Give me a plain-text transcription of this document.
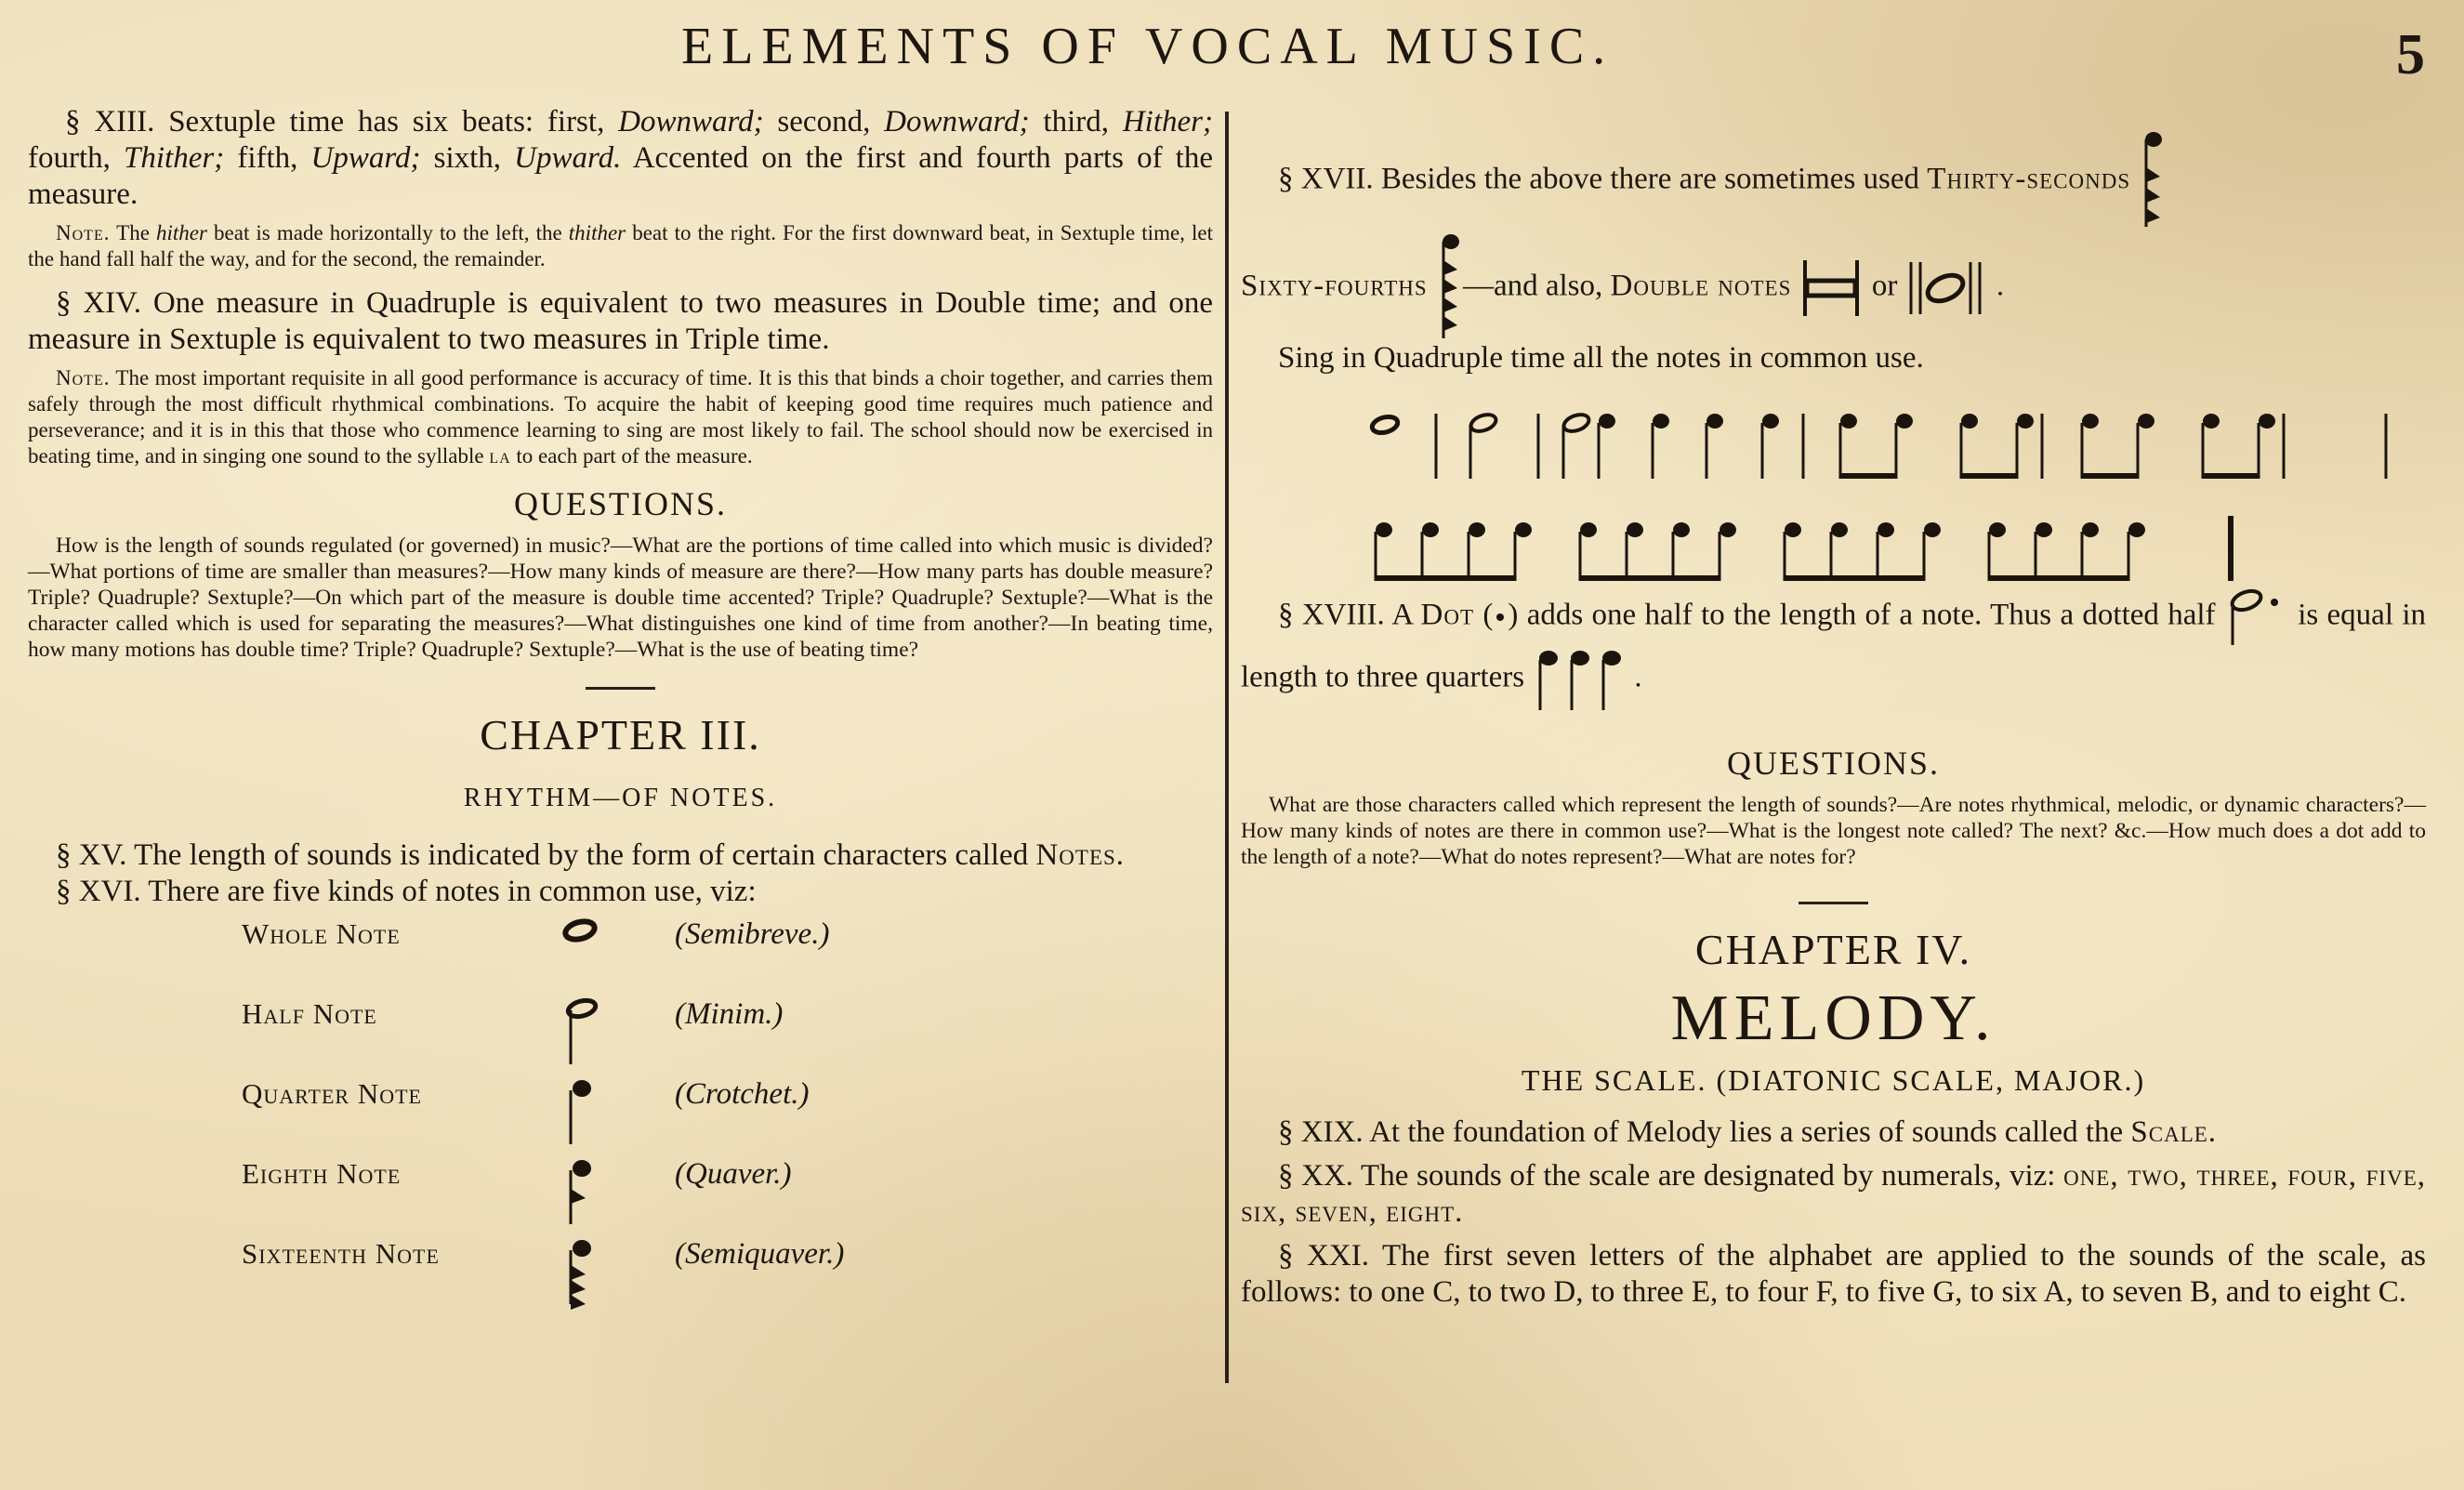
ELEMENTS OF VOCAL MUSIC.	5

§ XIII. Sextuple time has six beats: first, Downward; second, Downward; third, Hither; fourth, Thither; fifth, Upward; sixth, Upward. Accented on the first and fourth parts of the measure.

Note. The hither beat is made horizontally to the left, the thither beat to the right. For the first downward beat, in Sextuple time, let the hand fall half the way, and for the second, the remainder.

§ XIV. One measure in Quadruple is equivalent to two measures in Double time; and one measure in Sextuple is equivalent to two measures in Triple time.

Note. The most important requisite in all good performance is accuracy of time. It is this that binds a choir together, and carries them safely through the most difficult rhythmical combinations. To acquire the habit of keeping good time requires much patience and perseverance; and it is in this that those who commence learning to sing are most likely to fail. The school should now be exercised in beating time, and in singing one sound to the syllable la to each part of the measure.

QUESTIONS.

How is the length of sounds regulated (or governed) in music?—What are the portions of time called into which music is divided?—What portions of time are smaller than measures?—How many kinds of measure are there?—How many parts has double measure? Triple? Quadruple? Sextuple?—On which part of the measure is double time accented? Triple? Quadruple? Sextuple?—What is the character called which is used for separating the measures?—What distinguishes one kind of time from another?—In beating time, how many motions has double time? Triple? Quadruple? Sextuple?—What is the use of beating time?

CHAPTER III.
RHYTHM—OF NOTES.

§ XV. The length of sounds is indicated by the form of certain characters called Notes.

§ XVI. There are five kinds of notes in common use, viz:

Whole Note	(Semibreve.)
Half Note	(Minim.)
Quarter Note	(Crotchet.)
Eighth Note	(Quaver.)
Sixteenth Note	(Semiquaver.)

§ XVII. Besides the above there are sometimes used Thirty-seconds
Sixty-fourths —and also, Double notes	or	.

Sing in Quadruple time all the notes in common use.

§ XVIII. A Dot ( ) adds one half to the length of a note. Thus a dotted half  is equal in length to three quarters	.

QUESTIONS.

What are those characters called which represent the length of sounds?—Are notes rhythmical, melodic, or dynamic characters?—How many kinds of notes are there in common use?—What is the longest note called? The next? &c.—How much does a dot add to the length of a note?—What do notes represent?—What are notes for?

CHAPTER IV.
MELODY.
THE SCALE. (DIATONIC SCALE, MAJOR.)

§ XIX. At the foundation of Melody lies a series of sounds called the Scale.

§ XX. The sounds of the scale are designated by numerals, viz: one, two, three, four, five, six, seven, eight.

§ XXI. The first seven letters of the alphabet are applied to the sounds of the scale, as follows: to one C, to two D, to three E, to four F, to five G, to six A, to seven B, and to eight C.
